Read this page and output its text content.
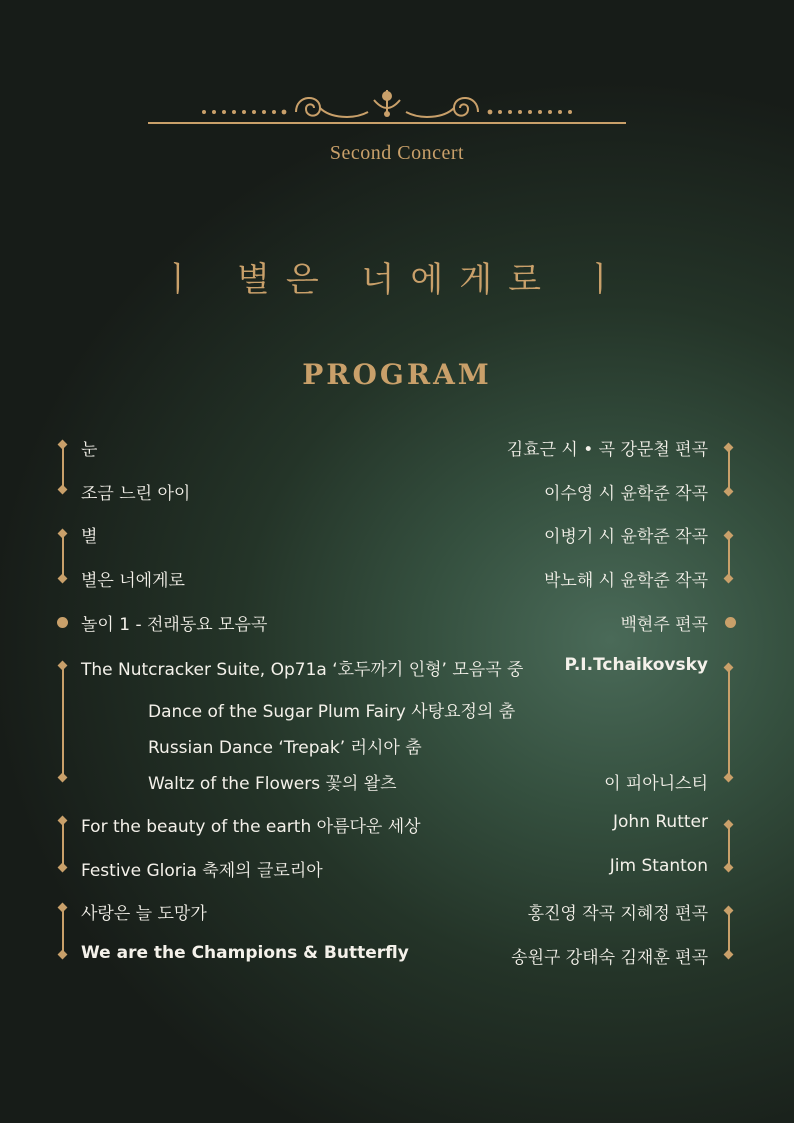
Second Concert
ㅣ 별은 너에게로 ㅣ
PROGRAM
눈	김효근 시 • 곡 강문철 편곡
조금 느린 아이	이수영 시 윤학준 작곡
별	이병기 시 윤학준 작곡
별은 너에게로	박노해 시 윤학준 작곡
놀이 1 - 전래동요 모음곡	백현주 편곡
The Nutcracker Suite, Op71a ‘호두까기 인형’ 모음곡 중 P.I.Tchaikovsky
Dance of the Sugar Plum Fairy 사탕요정의 춤
Russian Dance ‘Trepak’ 러시아 춤
Waltz of the Flowers 꽃의 왈츠	이 피아니스티
For the beauty of the earth 아름다운 세상	John Rutter
Festive Gloria 축제의 글로리아	Jim Stanton
사랑은 늘 도망가	홍진영 작곡 지혜정 편곡
We are the Champions & Butterfly	송원구 강태숙 김재훈 편곡
